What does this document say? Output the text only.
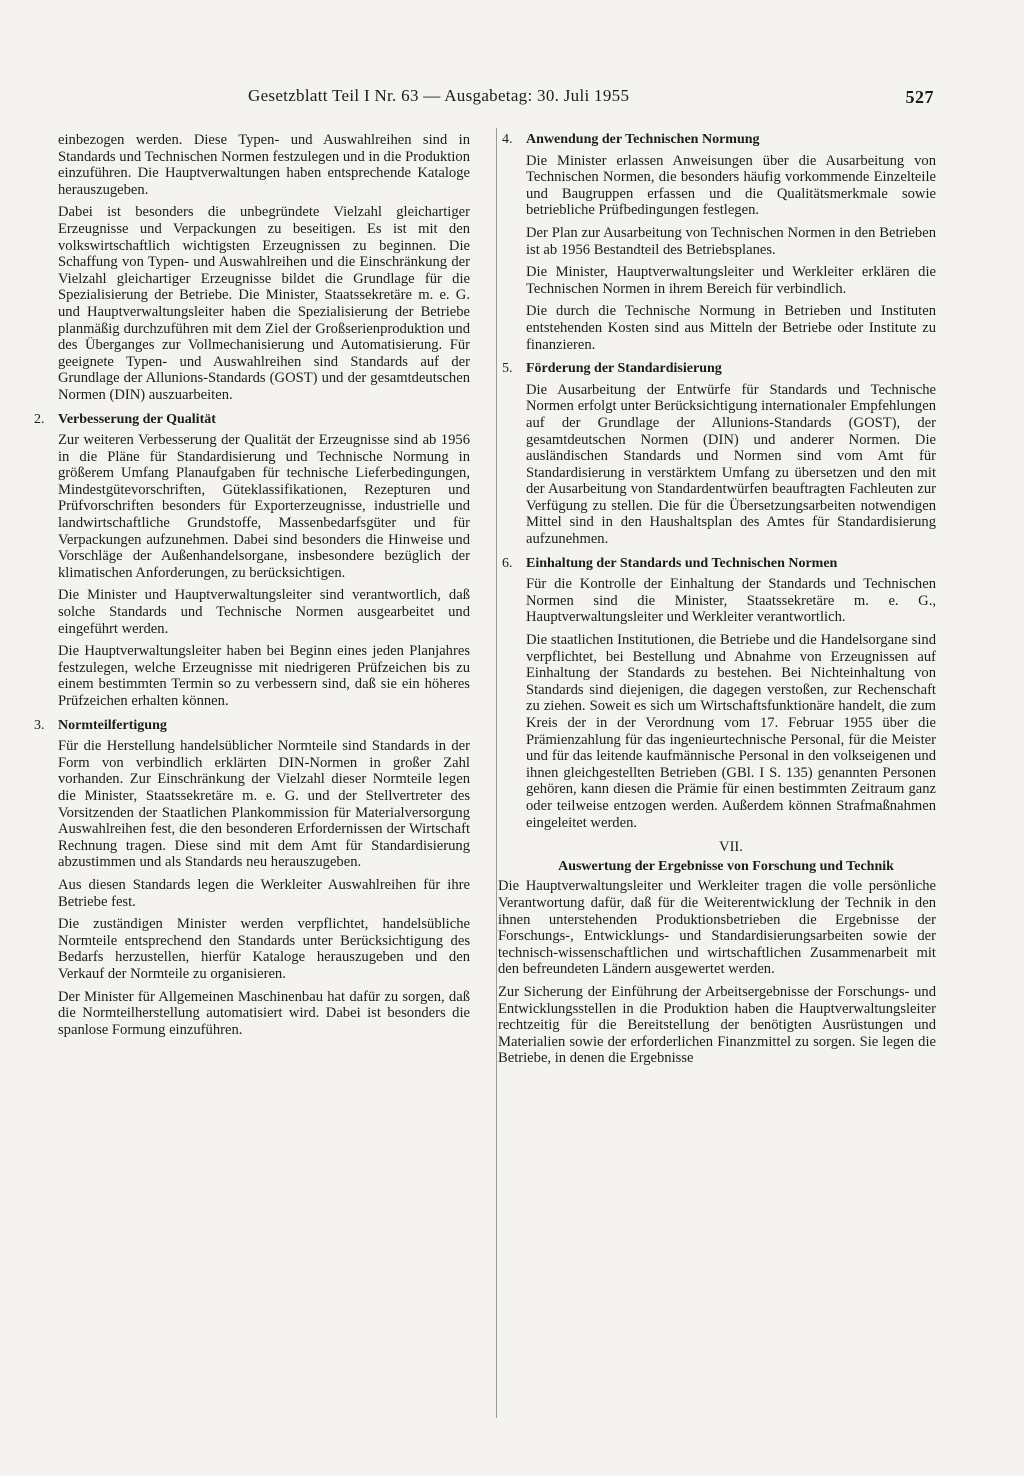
Gesetzblatt Teil I Nr. 63 — Ausgabetag: 30. Juli 1955	527

einbezogen werden. Diese Typen- und Auswahlreihen sind in Standards und Technischen Normen festzulegen und in die Produktion einzuführen. Die Hauptverwaltungen haben entsprechende Kataloge herauszugeben.

Dabei ist besonders die unbegründete Vielzahl gleichartiger Erzeugnisse und Verpackungen zu beseitigen. Es ist mit den volkswirtschaftlich wichtigsten Erzeugnissen zu beginnen. Die Schaffung von Typen- und Auswahlreihen und die Einschränkung der Vielzahl gleichartiger Erzeugnisse bildet die Grundlage für die Spezialisierung der Betriebe. Die Minister, Staatssekretäre m. e. G. und Hauptverwaltungsleiter haben die Spezialisierung der Betriebe planmäßig durchzuführen mit dem Ziel der Großserienproduktion und des Überganges zur Vollmechanisierung und Automatisierung. Für geeignete Typen- und Auswahlreihen sind Standards auf der Grundlage der Allunions-Standards (GOST) und der gesamtdeutschen Normen (DIN) auszuarbeiten.

2. Verbesserung der Qualität

Zur weiteren Verbesserung der Qualität der Erzeugnisse sind ab 1956 in die Pläne für Standardisierung und Technische Normung in größerem Umfang Planaufgaben für technische Lieferbedingungen, Mindestgütevorschriften, Güteklassifikationen, Rezepturen und Prüfvorschriften besonders für Exporterzeugnisse, industrielle und landwirtschaftliche Grundstoffe, Massenbedarfsgüter und für Verpackungen aufzunehmen. Dabei sind besonders die Hinweise und Vorschläge der Außenhandelsorgane, insbesondere bezüglich der klimatischen Anforderungen, zu berücksichtigen.

Die Minister und Hauptverwaltungsleiter sind verantwortlich, daß solche Standards und Technische Normen ausgearbeitet und eingeführt werden.

Die Hauptverwaltungsleiter haben bei Beginn eines jeden Planjahres festzulegen, welche Erzeugnisse mit niedrigeren Prüfzeichen bis zu einem bestimmten Termin so zu verbessern sind, daß sie ein höheres Prüfzeichen erhalten können.

3. Normteilfertigung

Für die Herstellung handelsüblicher Normteile sind Standards in der Form von verbindlich erklärten DIN-Normen in großer Zahl vorhanden. Zur Einschränkung der Vielzahl dieser Normteile legen die Minister, Staatssekretäre m. e. G. und der Stellvertreter des Vorsitzenden der Staatlichen Plankommission für Materialversorgung Auswahlreihen fest, die den besonderen Erfordernissen der Wirtschaft Rechnung tragen. Diese sind mit dem Amt für Standardisierung abzustimmen und als Standards neu herauszugeben.

Aus diesen Standards legen die Werkleiter Auswahlreihen für ihre Betriebe fest.

Die zuständigen Minister werden verpflichtet, handelsübliche Normteile entsprechend den Standards unter Berücksichtigung des Bedarfs herzustellen, hierfür Kataloge herauszugeben und den Verkauf der Normteile zu organisieren.

Der Minister für Allgemeinen Maschinenbau hat dafür zu sorgen, daß die Normteilherstellung automatisiert wird. Dabei ist besonders die spanlose Formung einzuführen.

4. Anwendung der Technischen Normung

Die Minister erlassen Anweisungen über die Ausarbeitung von Technischen Normen, die besonders häufig vorkommende Einzelteile und Baugruppen erfassen und die Qualitätsmerkmale sowie betriebliche Prüfbedingungen festlegen.

Der Plan zur Ausarbeitung von Technischen Normen in den Betrieben ist ab 1956 Bestandteil des Betriebsplanes.

Die Minister, Hauptverwaltungsleiter und Werkleiter erklären die Technischen Normen in ihrem Bereich für verbindlich.

Die durch die Technische Normung in Betrieben und Instituten entstehenden Kosten sind aus Mitteln der Betriebe oder Institute zu finanzieren.

5. Förderung der Standardisierung

Die Ausarbeitung der Entwürfe für Standards und Technische Normen erfolgt unter Berücksichtigung internationaler Empfehlungen auf der Grundlage der Allunions-Standards (GOST), der gesamtdeutschen Normen (DIN) und anderer Normen. Die ausländischen Standards und Normen sind vom Amt für Standardisierung in verstärktem Umfang zu übersetzen und den mit der Ausarbeitung von Standardentwürfen beauftragten Fachleuten zur Verfügung zu stellen. Die für die Übersetzungsarbeiten notwendigen Mittel sind in den Haushaltsplan des Amtes für Standardisierung aufzunehmen.

6. Einhaltung der Standards und Technischen Normen

Für die Kontrolle der Einhaltung der Standards und Technischen Normen sind die Minister, Staatssekretäre m. e. G., Hauptverwaltungsleiter und Werkleiter verantwortlich.

Die staatlichen Institutionen, die Betriebe und die Handelsorgane sind verpflichtet, bei Bestellung und Abnahme von Erzeugnissen auf Einhaltung der Standards zu bestehen. Bei Nichteinhaltung von Standards sind diejenigen, die dagegen verstoßen, zur Rechenschaft zu ziehen. Soweit es sich um Wirtschaftsfunktionäre handelt, die zum Kreis der in der Verordnung vom 17. Februar 1955 über die Prämienzahlung für das ingenieurtechnische Personal, für die Meister und für das leitende kaufmännische Personal in den volkseigenen und ihnen gleichgestellten Betrieben (GBl. I S. 135) genannten Personen gehören, kann diesen die Prämie für einen bestimmten Zeitraum ganz oder teilweise entzogen werden. Außerdem können Strafmaßnahmen eingeleitet werden.

VII.
Auswertung der Ergebnisse von Forschung und Technik

Die Hauptverwaltungsleiter und Werkleiter tragen die volle persönliche Verantwortung dafür, daß für die Weiterentwicklung der Technik in den ihnen unterstehenden Produktionsbetrieben die Ergebnisse der Forschungs-, Entwicklungs- und Standardisierungsarbeiten sowie der technisch-wissenschaftlichen und wirtschaftlichen Zusammenarbeit mit den befreundeten Ländern ausgewertet werden.

Zur Sicherung der Einführung der Arbeitsergebnisse der Forschungs- und Entwicklungsstellen in die Produktion haben die Hauptverwaltungsleiter rechtzeitig für die Bereitstellung der benötigten Ausrüstungen und Materialien sowie der erforderlichen Finanzmittel zu sorgen. Sie legen die Betriebe, in denen die Ergebnisse
